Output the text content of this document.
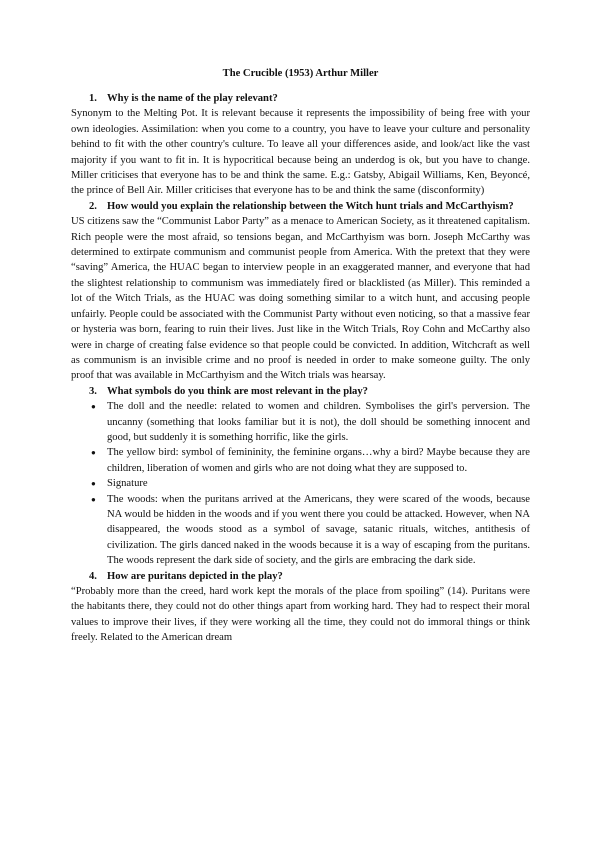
The Crucible (1953) Arthur Miller
1. Why is the name of the play relevant?

Synonym to the Melting Pot. It is relevant because it represents the impossibility of being free with your own ideologies. Assimilation: when you come to a country, you have to leave your culture and personality behind to fit with the other country's culture. To leave all your differences aside, and look/act like the vast majority if you want to fit in. It is hypocritical because being an underdog is ok, but you have to change. Miller criticises that everyone has to be and think the same. E.g.: Gatsby, Abigail Williams, Ken, Beyoncé, the prince of Bell Air. Miller criticises that everyone has to be and think the same (disconformity)

2. How would you explain the relationship between the Witch hunt trials and McCarthyism?

US citizens saw the “Communist Labor Party” as a menace to American Society, as it threatened capitalism. Rich people were the most afraid, so tensions began, and McCarthyism was born. Joseph McCarthy was determined to extirpate communism and communist people from America. With the pretext that they were “saving” America, the HUAC began to interview people in an exaggerated manner, and everyone that had the slightest relationship to communism was immediately fired or blacklisted (as Miller). This reminded a lot of the Witch Trials, as the HUAC was doing something similar to a witch hunt, and accusing people unfairly. People could be associated with the Communist Party without even noticing, so that a massive fear or hysteria was born, fearing to ruin their lives. Just like in the Witch Trials, Roy Cohn and McCarthy also were in charge of creating false evidence so that people could be convicted. In addition, Witchcraft as well as communism is an invisible crime and no proof is needed in order to make someone guilty. The only proof that was available in McCarthyism and the Witch trials was hearsay.

3. What symbols do you think are most relevant in the play?
●	The doll and the needle: related to women and children. Symbolises the girl's perversion. The uncanny (something that looks familiar but it is not), the doll should be something innocent and good, but suddenly it is something horrific, like the girls.
●	The yellow bird: symbol of femininity, the feminine organs…why a bird? Maybe because they are children, liberation of women and girls who are not doing what they are supposed to.
●	Signature
●	The woods: when the puritans arrived at the Americans, they were scared of the woods, because NA would be hidden in the woods and if you went there you could be attacked. However, when NA disappeared, the woods stood as a symbol of savage, satanic rituals, witches, antithesis of civilization. The girls danced naked in the woods because it is a way of escaping from the puritans. The woods represent the dark side of society, and the girls are embracing the dark side.
4. How are puritans depicted in the play?

“Probably more than the creed, hard work kept the morals of the place from spoiling” (14). Puritans were the habitants there, they could not do other things apart from working hard. They had to respect their moral values to improve their lives, if they were working all the time, they could not do immoral things or think freely. Related to the American dream
